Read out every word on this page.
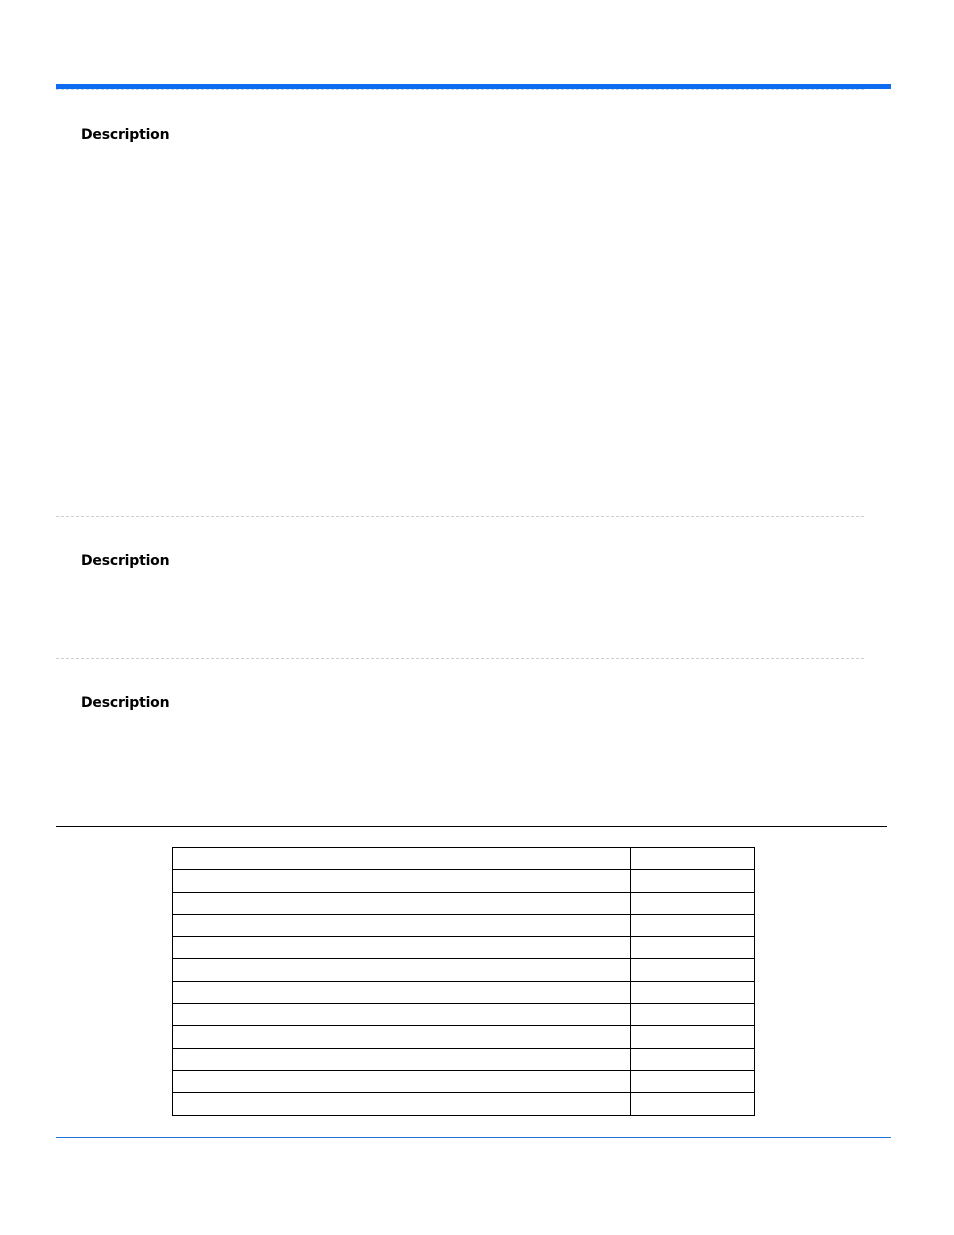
Description
Description
Description
